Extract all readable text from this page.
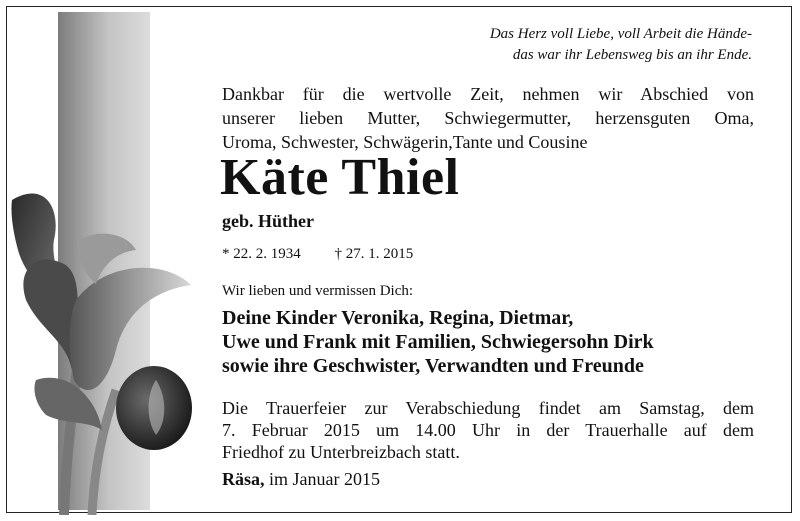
Das Herz voll Liebe, voll Arbeit die Hände-
das war ihr Lebensweg bis an ihr Ende.
Dankbar für die wertvolle Zeit, nehmen wir Abschied von
unserer lieben Mutter, Schwiegermutter, herzensguten Oma,
Uroma, Schwester, Schwägerin,Tante und Cousine
Käte Thiel
geb. Hüther
* 22. 2. 1934 † 27. 1. 2015
Wir lieben und vermissen Dich:
Deine Kinder Veronika, Regina, Dietmar,
Uwe und Frank mit Familien, Schwiegersohn Dirk
sowie ihre Geschwister, Verwandten und Freunde
Die Trauerfeier zur Verabschiedung findet am Samstag, dem
7. Februar 2015 um 14.00 Uhr in der Trauerhalle auf dem
Friedhof zu Unterbreizbach statt.
Räsa, im Januar 2015
